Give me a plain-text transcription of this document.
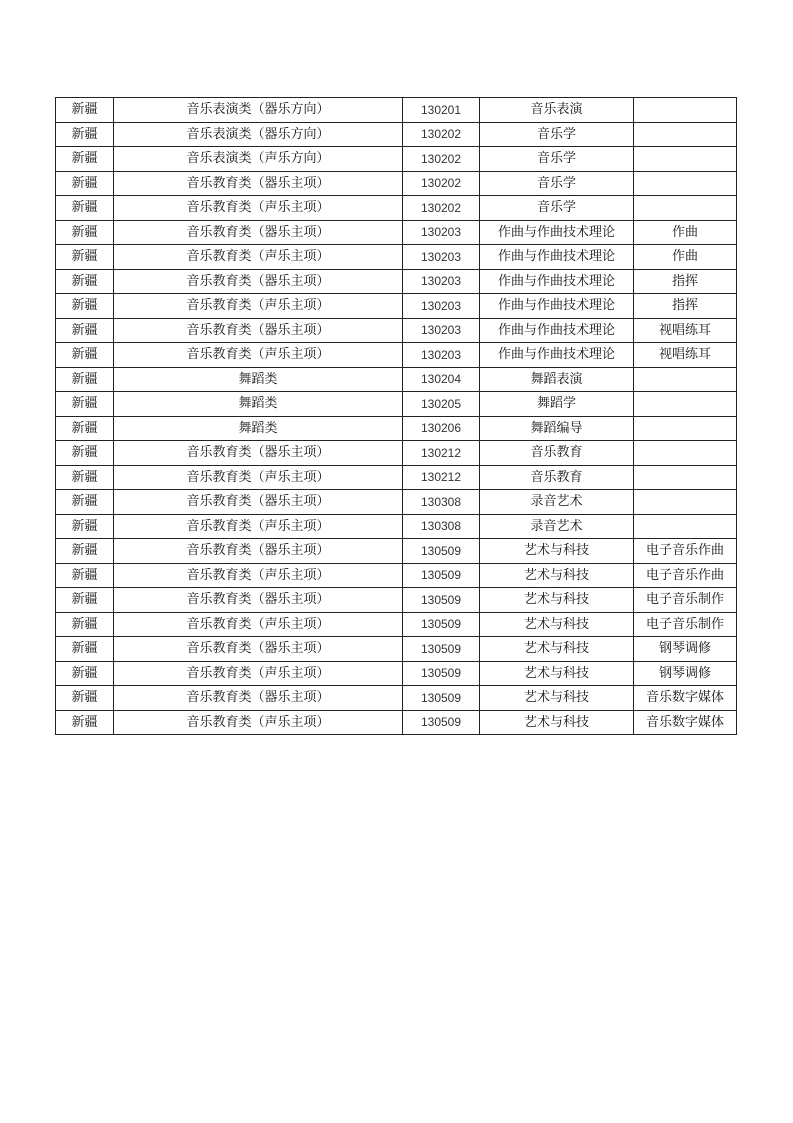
新疆	音乐表演类（器乐方向）	130201	音乐表演	
新疆	音乐表演类（器乐方向）	130202	音乐学	
新疆	音乐表演类（声乐方向）	130202	音乐学	
新疆	音乐教育类（器乐主项）	130202	音乐学	
新疆	音乐教育类（声乐主项）	130202	音乐学	
新疆	音乐教育类（器乐主项）	130203	作曲与作曲技术理论	作曲
新疆	音乐教育类（声乐主项）	130203	作曲与作曲技术理论	作曲
新疆	音乐教育类（器乐主项）	130203	作曲与作曲技术理论	指挥
新疆	音乐教育类（声乐主项）	130203	作曲与作曲技术理论	指挥
新疆	音乐教育类（器乐主项）	130203	作曲与作曲技术理论	视唱练耳
新疆	音乐教育类（声乐主项）	130203	作曲与作曲技术理论	视唱练耳
新疆	舞蹈类	130204	舞蹈表演	
新疆	舞蹈类	130205	舞蹈学	
新疆	舞蹈类	130206	舞蹈编导	
新疆	音乐教育类（器乐主项）	130212	音乐教育	
新疆	音乐教育类（声乐主项）	130212	音乐教育	
新疆	音乐教育类（器乐主项）	130308	录音艺术	
新疆	音乐教育类（声乐主项）	130308	录音艺术	
新疆	音乐教育类（器乐主项）	130509	艺术与科技	电子音乐作曲
新疆	音乐教育类（声乐主项）	130509	艺术与科技	电子音乐作曲
新疆	音乐教育类（器乐主项）	130509	艺术与科技	电子音乐制作
新疆	音乐教育类（声乐主项）	130509	艺术与科技	电子音乐制作
新疆	音乐教育类（器乐主项）	130509	艺术与科技	钢琴调修
新疆	音乐教育类（声乐主项）	130509	艺术与科技	钢琴调修
新疆	音乐教育类（器乐主项）	130509	艺术与科技	音乐数字媒体
新疆	音乐教育类（声乐主项）	130509	艺术与科技	音乐数字媒体
